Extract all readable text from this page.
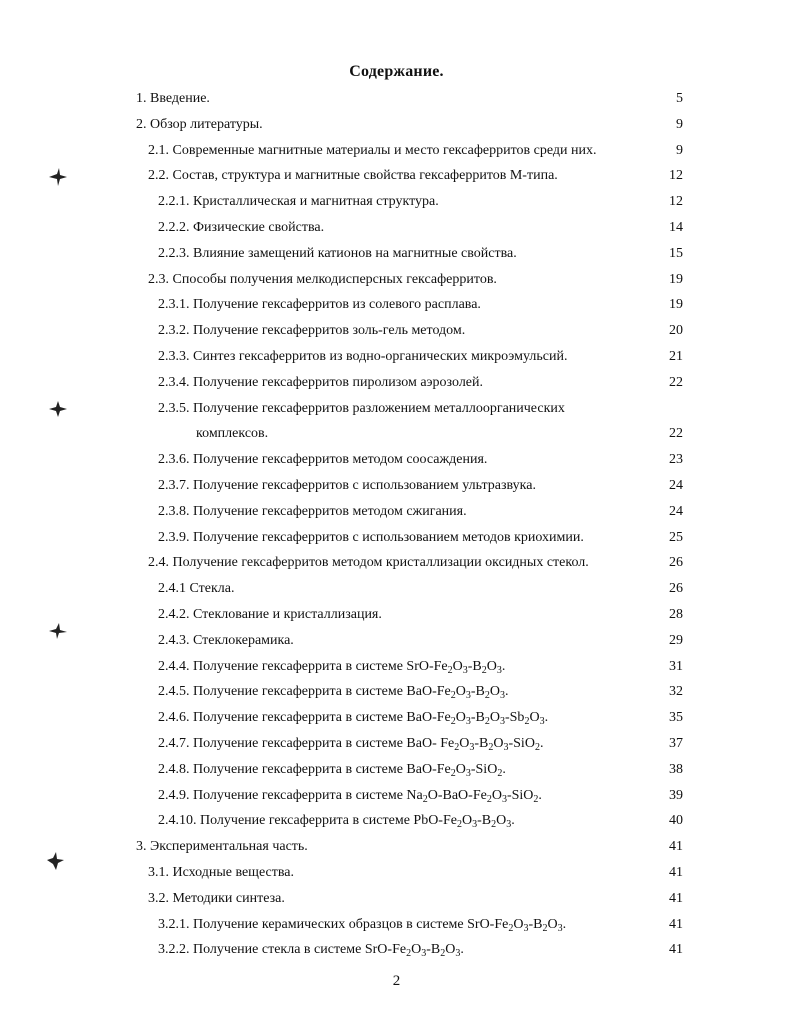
Содержание.
1. Введение.	5
2. Обзор литературы.	9
2.1. Современные магнитные материалы и место гексаферритов среди них.	9
2.2. Состав, структура и магнитные свойства гексаферритов М-типа.	12
2.2.1. Кристаллическая и магнитная структура.	12
2.2.2. Физические свойства.	14
2.2.3. Влияние замещений катионов на магнитные свойства.	15
2.3. Способы получения мелкодисперсных гексаферритов.	19
2.3.1. Получение гексаферритов из солевого расплава.	19
2.3.2. Получение гексаферритов золь-гель методом.	20
2.3.3. Синтез гексаферритов из водно-органических микроэмульсий.	21
2.3.4. Получение гексаферритов пиролизом аэрозолей.	22
2.3.5. Получение гексаферритов разложением металлоорганических
комплексов.	22
2.3.6. Получение гексаферритов методом соосаждения.	23
2.3.7. Получение гексаферритов с использованием ультразвука.	24
2.3.8. Получение гексаферритов методом сжигания.	24
2.3.9. Получение гексаферритов с использованием методов криохимии.	25
2.4. Получение гексаферритов методом кристаллизации оксидных стекол.	26
2.4.1 Стекла.	26
2.4.2. Стеклование и кристаллизация.	28
2.4.3. Стеклокерамика.	29
2.4.4. Получение гексаферрита в системе SrO-$Fe_2O_3-B_2O_3$.	31
2.4.5. Получение гексаферрита в системе BaO-$Fe_2O_3-B_2O_3$.	32
2.4.6. Получение гексаферрита в системе BaO-$Fe_2O_3-B_2O_3-Sb_2O_3$.	35
2.4.7. Получение гексаферрита в системе BaO- $Fe_2O_3-B_2O_3-SiO_2$.	37
2.4.8. Получение гексаферрита в системе BaO-$Fe_2O_3-SiO_2$.	38
2.4.9. Получение гексаферрита в системе $Na_2O-BaO-Fe_2O_3-SiO_2$.	39
2.4.10. Получение гексаферрита в системе PbO-$Fe_2O_3-B_2O_3$.	40
3. Экспериментальная часть.	41
3.1. Исходные вещества.	41
3.2. Методики синтеза.	41
3.2.1. Получение керамических образцов в системе SrO-$Fe_2O_3-B_2O_3$.	41
3.2.2. Получение стекла в системе SrO-$Fe_2O_3-B_2O_3$.	41
2
